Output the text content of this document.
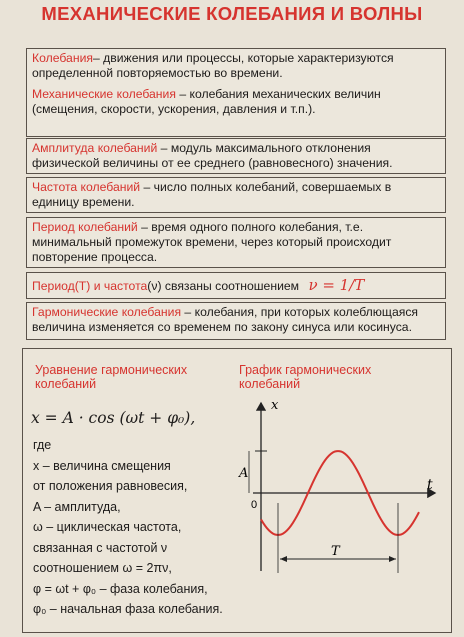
МЕХАНИЧЕСКИЕ КОЛЕБАНИЯ И ВОЛНЫ
Колебания– движения или процессы, которые характеризуются определенной повторяемостью во времени.
Механические колебания – колебания механических величин (смещения, скорости, ускорения, давления и т.п.).
Амплитуда колебаний – модуль максимального отклонения физической величины от ее среднего (равновесного) значения.
Частота колебаний – число полных колебаний, совершаемых в единицу времени.
Период колебаний – время одного полного колебания, т.е. минимальный промежуток времени, через который происходит повторение процесса.
Период(T) и частота(ν) связаны соотношением ν = 1/T
Гармонические колебания – колебания, при которых колеблющаяся величина изменяется со временем по закону синуса или косинуса.
Уравнение гармонических колебаний
x = A · cos (ωt + φ₀),
где
x – величина смещения
от положения равновесия,
A – амплитуда,
ω – циклическая частота,
связанная с частотой ν
соотношением ω = 2πν,
φ = ωt + φ₀ – фаза колебания,
φ₀ – начальная фаза колебания.
График гармонических колебаний
x
t
A
0
T
